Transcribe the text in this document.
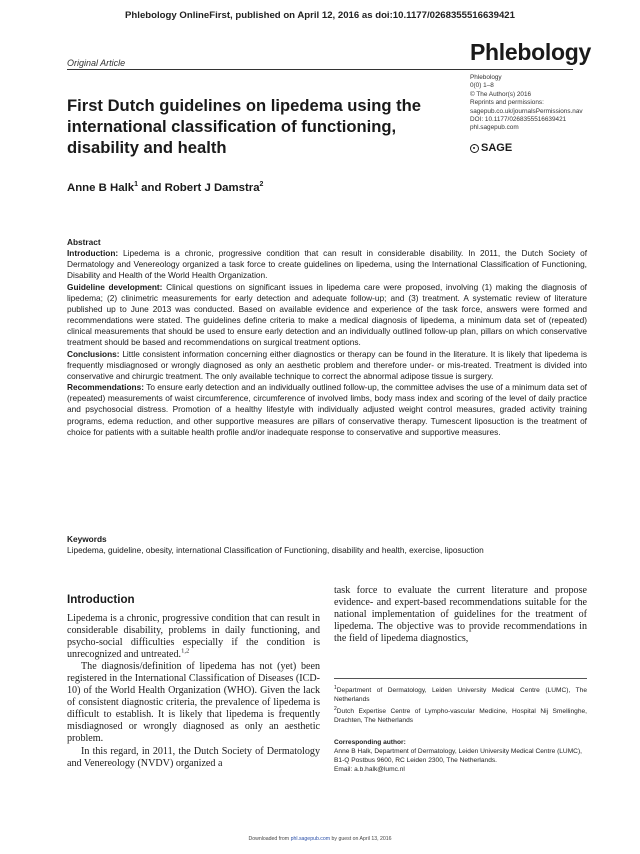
Phlebology OnlineFirst, published on April 12, 2016 as doi:10.1177/0268355516639421
Original Article	Phlebology
Phlebology
0(0) 1–8
© The Author(s) 2016
Reprints and permissions:
sagepub.co.uk/journalsPermissions.nav
DOI: 10.1177/0268355516639421
phl.sagepub.com
SAGE
First Dutch guidelines on lipedema using the international classification of functioning, disability and health
Anne B Halk$^1$ and Robert J Damstra$^2$
Abstract

Introduction: Lipedema is a chronic, progressive condition that can result in considerable disability. In 2011, the Dutch Society of Dermatology and Venereology organized a task force to create guidelines on lipedema, using the International Classification of Functioning, Disability and Health of the World Health Organization.

Guideline development: Clinical questions on significant issues in lipedema care were proposed, involving (1) making the diagnosis of lipedema; (2) clinimetric measurements for early detection and adequate follow-up; and (3) treatment. A systematic review of literature published up to June 2013 was conducted. Based on available evidence and experience of the task force, answers were formed and recommendations were stated. The guidelines define criteria to make a medical diagnosis of lipedema, a minimum data set of (repeated) clinical measurements that should be used to ensure early detection and an individually outlined follow-up plan, pillars on which conservative treatment should be based and recommendations on surgical treatment options.

Conclusions: Little consistent information concerning either diagnostics or therapy can be found in the literature. It is likely that lipedema is frequently misdiagnosed or wrongly diagnosed as only an aesthetic problem and therefore under- or mis-treated. Treatment is divided into conservative and chirurgic treatment. The only available technique to correct the abnormal adipose tissue is surgery.

Recommendations: To ensure early detection and an individually outlined follow-up, the committee advises the use of a minimum data set of (repeated) measurements of waist circumference, circumference of involved limbs, body mass index and scoring of the level of daily practice and psychosocial distress. Promotion of a healthy lifestyle with individually adjusted weight control measures, graded activity training programs, edema reduction, and other supportive measures are pillars of conservative therapy. Tumescent liposuction is the treatment of choice for patients with a suitable health profile and/or inadequate response to conservative and supportive measures.

Keywords
Lipedema, guideline, obesity, international Classification of Functioning, disability and health, exercise, liposuction
Introduction

Lipedema is a chronic, progressive condition that can result in considerable disability, problems in daily functioning, and psycho-social difficulties especially if the condition is unrecognized and untreated.$^{1,2}$

The diagnosis/definition of lipedema has not (yet) been registered in the International Classification of Diseases (ICD-10) of the World Health Organization (WHO). Given the lack of consistent diagnostic criteria, the prevalence of lipedema is difficult to establish. It is likely that lipedema is frequently misdiagnosed or wrongly diagnosed as only an aesthetic problem.

In this regard, in 2011, the Dutch Society of Dermatology and Venereology (NVDV) organized a

task force to evaluate the current literature and propose evidence- and expert-based recommendations suitable for the national implementation of guidelines for the treatment of lipedema. The objective was to provide recommendations in the field of lipedema diagnostics,

$^1$Department of Dermatology, Leiden University Medical Centre (LUMC), The Netherlands

$^2$Dutch Expertise Centre of Lympho-vascular Medicine, Hospital Nij Smellinghe, Drachten, The Netherlands

Corresponding author:
Anne B Halk, Department of Dermatology, Leiden University Medical Centre (LUMC), B1-Q Postbus 9600, RC Leiden 2300, The Netherlands.
Email: a.b.halk@lumc.nl
Downloaded from phl.sagepub.com by guest on April 13, 2016
